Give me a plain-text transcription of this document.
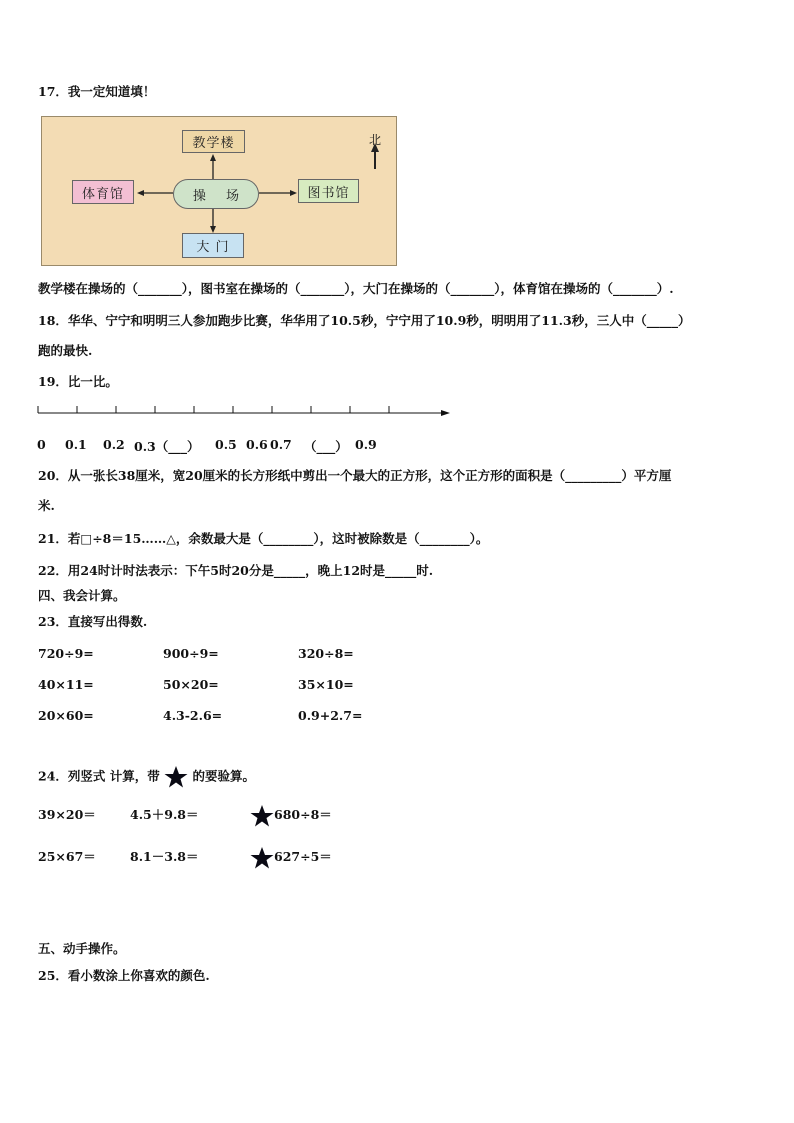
17．我一定知道填！
北
教学楼
体育馆	操 场	图书馆
大 门
教学楼在操场的（_______），图书室在操场的（_______），大门在操场的（_______），体育馆在操场的（_______）.
18．华华、宁宁和明明三人参加跑步比赛，华华用了10.5秒，宁宁用了10.9秒，明明用了11.3秒，三人中（_____）
跑的最快.
19．比一比。
0 0.1 0.2 0.3（___） 0.5 0.6 0.7 （___） 0.9
20．从一张长38厘米，宽20厘米的长方形纸中剪出一个最大的正方形，这个正方形的面积是（_________）平方厘
米.
21．若□÷8＝15……△，余数最大是（________），这时被除数是（________）。
22．用24时计时法表示：下午5时20分是_____，晚上12时是_____时.
四、我会计算。
23．直接写出得数.
720÷9=	900÷9=	320÷8=
40×11=	50×20=	35×10=
20×60=	4.3-2.6=	0.9+2.7=
24．列竖式 计算，带	的要验算。
39×20＝	4.5＋9.8＝	680÷8＝
25×67＝	8.1－3.8＝	627÷5＝
五、动手操作。
25．看小数涂上你喜欢的颜色.
